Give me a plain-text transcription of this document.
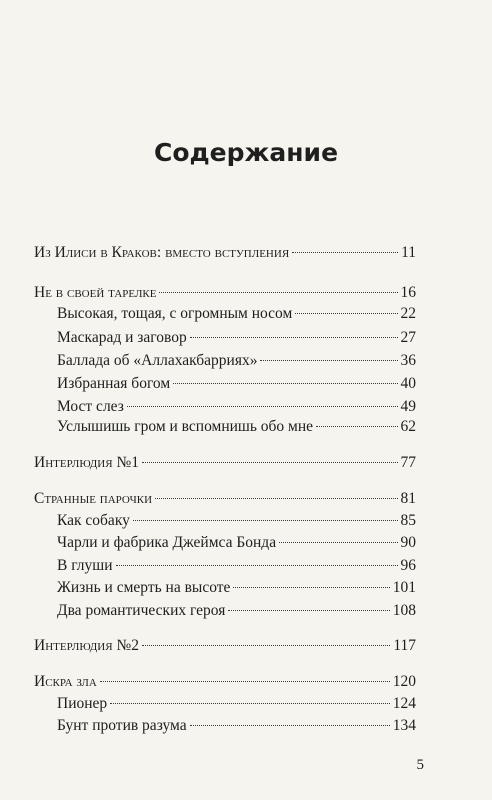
Содержание
Из Илиси в Краков: вместо вступления	11
Не в своей тарелке	16
Высокая, тощая, с огромным носом	22
Маскарад и заговор	27
Баллада об «Аллахакбарриях»	36
Избранная богом	40
Мост слез	49
Услышишь гром и вспомнишь обо мне	62
Интерлюдия №1	77
Странные парочки	81
Как собаку	85
Чарли и фабрика Джеймса Бонда	90
В глуши	96
Жизнь и смерть на высоте	101
Два романтических героя	108
Интерлюдия №2	117
Искра зла	120
Пионер	124
Бунт против разума	134
5
